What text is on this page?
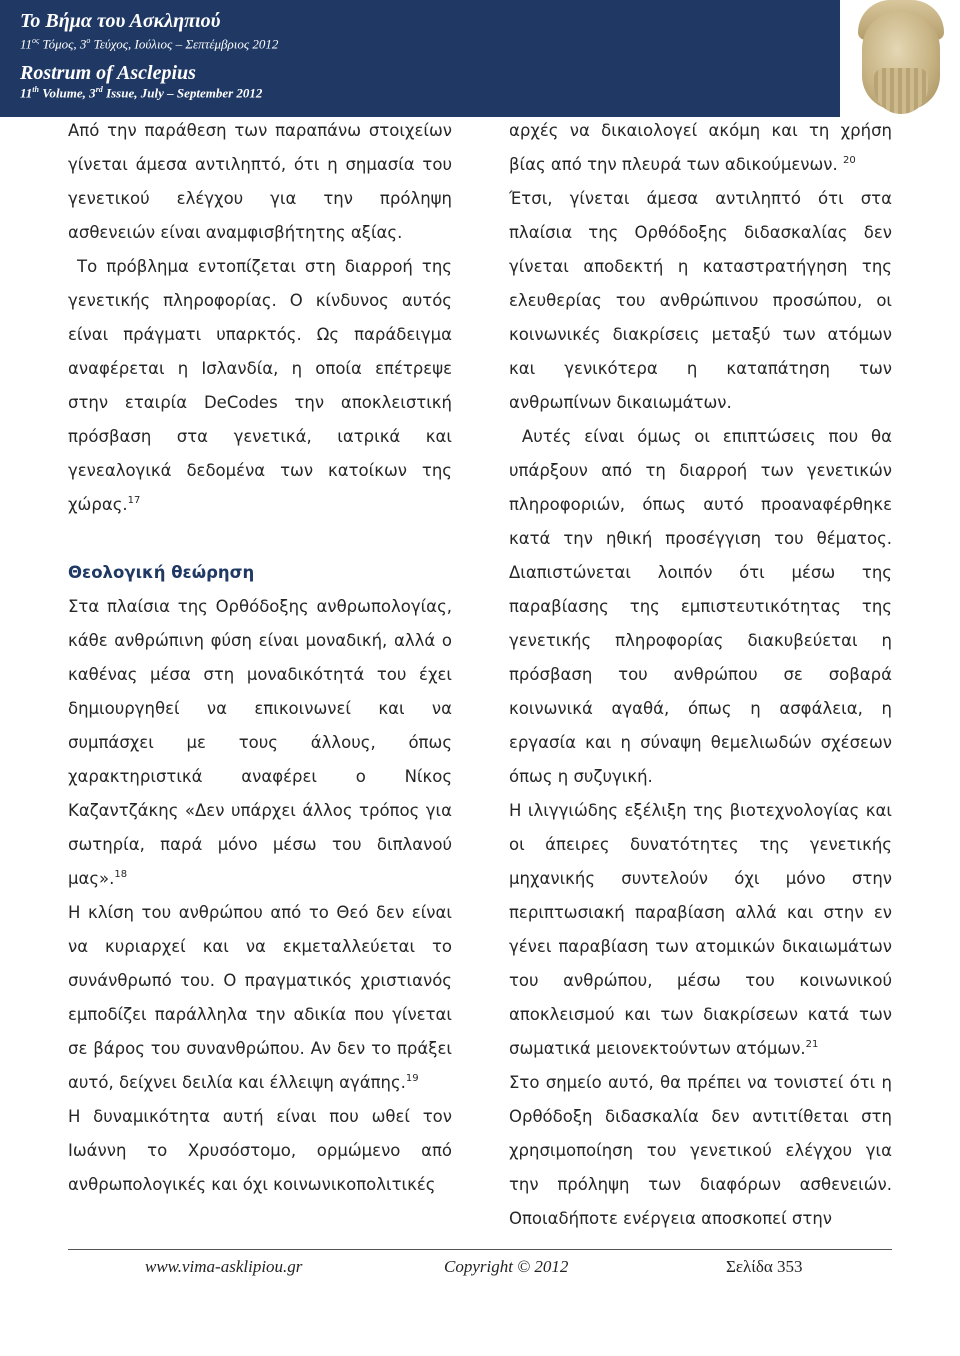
Το Βήμα του Ασκληπιού
$11^{o\varsigma}$ Τόμος, $3^o$ Τεύχος, Ιούλιος – Σεπτέμβριος 2012
Rostrum of Asclepius
11th Volume, 3rd Issue, July – September 2012

Από την παράθεση των παραπάνω στοιχείων γίνεται άμεσα αντιληπτό, ότι η σημασία του γενετικού ελέγχου για την πρόληψη ασθενειών είναι αναμφισβήτητης αξίας.

Το πρόβλημα εντοπίζεται στη διαρροή της γενετικής πληροφορίας. Ο κίνδυνος αυτός είναι πράγματι υπαρκτός. Ως παράδειγμα αναφέρεται η Ισλανδία, η οποία επέτρεψε στην εταιρία DeCodes την αποκλειστική πρόσβαση στα γενετικά, ιατρικά και γενεαλογικά δεδομένα των κατοίκων της χώρας.$^{17}$

Θεολογική θεώρηση

Στα πλαίσια της Ορθόδοξης ανθρωπολογίας, κάθε ανθρώπινη φύση είναι μοναδική, αλλά ο καθένας μέσα στη μοναδικότητά του έχει δημιουργηθεί να επικοινωνεί και να συμπάσχει με τους άλλους, όπως χαρακτηριστικά αναφέρει ο Νίκος Καζαντζάκης «Δεν υπάρχει άλλος τρόπος για σωτηρία, παρά μόνο μέσω του διπλανού μας».$^{18}$

Η κλίση του ανθρώπου από το Θεό δεν είναι να κυριαρχεί και να εκμεταλλεύεται το συνάνθρωπό του. Ο πραγματικός χριστιανός εμποδίζει παράλληλα την αδικία που γίνεται σε βάρος του συνανθρώπου. Αν δεν το πράξει αυτό, δείχνει δειλία και έλλειψη αγάπης.$^{19}$

Η δυναμικότητα αυτή είναι που ωθεί τον Ιωάννη το Χρυσόστομο, ορμώμενο από ανθρωπολογικές και όχι κοινωνικοπολιτικές

αρχές να δικαιολογεί ακόμη και τη χρήση βίας από την πλευρά των αδικούμενων. $^{20}$

Έτσι, γίνεται άμεσα αντιληπτό ότι στα πλαίσια της Ορθόδοξης διδασκαλίας δεν γίνεται αποδεκτή η καταστρατήγηση της ελευθερίας του ανθρώπινου προσώπου, οι κοινωνικές διακρίσεις μεταξύ των ατόμων και γενικότερα η καταπάτηση των ανθρωπίνων δικαιωμάτων.

Αυτές είναι όμως οι επιπτώσεις που θα υπάρξουν από τη διαρροή των γενετικών πληροφοριών, όπως αυτό προαναφέρθηκε κατά την ηθική προσέγγιση του θέματος. Διαπιστώνεται λοιπόν ότι μέσω της παραβίασης της εμπιστευτικότητας της γενετικής πληροφορίας διακυβεύεται η πρόσβαση του ανθρώπου σε σοβαρά κοινωνικά αγαθά, όπως η ασφάλεια, η εργασία και η σύναψη θεμελιωδών σχέσεων όπως η συζυγική.

Η ιλιγγιώδης εξέλιξη της βιοτεχνολογίας και οι άπειρες δυνατότητες της γενετικής μηχανικής συντελούν όχι μόνο στην περιπτωσιακή παραβίαση αλλά και στην εν γένει παραβίαση των ατομικών δικαιωμάτων του ανθρώπου, μέσω του κοινωνικού αποκλεισμού και των διακρίσεων κατά των σωματικά μειονεκτούντων ατόμων.$^{21}$

Στο σημείο αυτό, θα πρέπει να τονιστεί ότι η Ορθόδοξη διδασκαλία δεν αντιτίθεται στη χρησιμοποίηση του γενετικού ελέγχου για την πρόληψη των διαφόρων ασθενειών. Οποιαδήποτε ενέργεια αποσκοπεί στην

www.vima-asklipiou.gr	Copyright © 2012	Σελίδα 353
